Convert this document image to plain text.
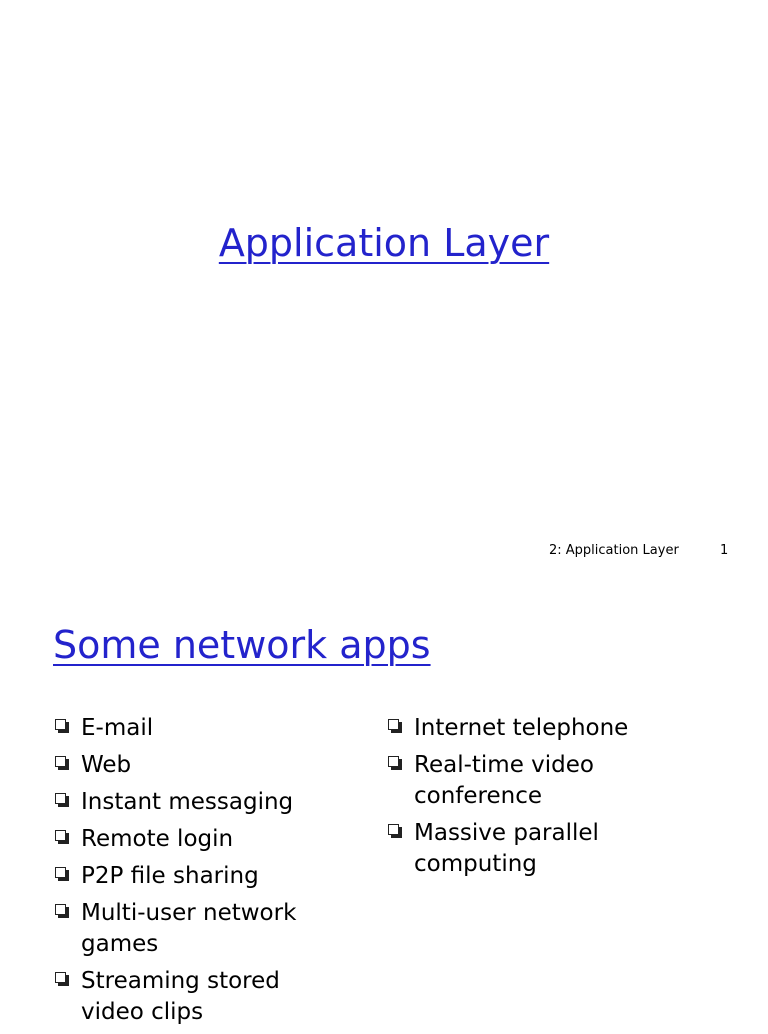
Application Layer
2: Application Layer	1
Some network apps
E-mail
Web
Instant messaging
Remote login
P2P file sharing
Multi-user network
games
Streaming stored
video clips
Internet telephone
Real-time video
conference
Massive parallel
computing
